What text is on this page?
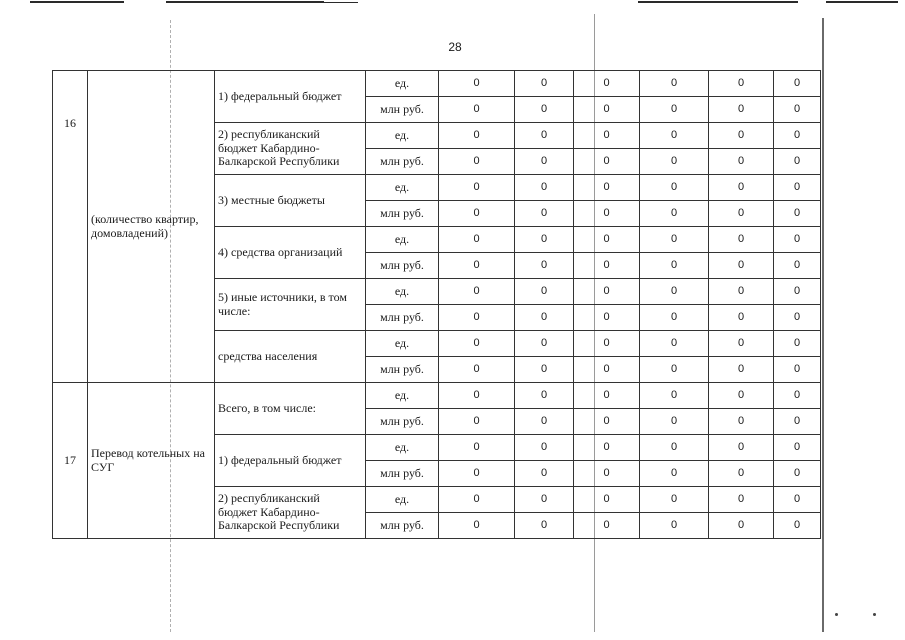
28
16	(количество квартир, домовладений)	1) федеральный бюджет	ед.	0	0	0	0	0	0
			млн руб.	0	0	0	0	0	0
		2) республиканский бюджет Кабардино-Балкарской Республики	ед.	0	0	0	0	0	0
			млн руб.	0	0	0	0	0	0
		3) местные бюджеты	ед.	0	0	0	0	0	0
			млн руб.	0	0	0	0	0	0
		4) средства организаций	ед.	0	0	0	0	0	0
			млн руб.	0	0	0	0	0	0
		5) иные источники, в том числе:	ед.	0	0	0	0	0	0
			млн руб.	0	0	0	0	0	0
		средства населения	ед.	0	0	0	0	0	0
			млн руб.	0	0	0	0	0	0
17	Перевод котельных на СУГ	Всего, в том числе:	ед.	0	0	0	0	0	0
			млн руб.	0	0	0	0	0	0
		1) федеральный бюджет	ед.	0	0	0	0	0	0
			млн руб.	0	0	0	0	0	0
		2) республиканский бюджет Кабардино-Балкарской Республики	ед.	0	0	0	0	0	0
			млн руб.	0	0	0	0	0	0
